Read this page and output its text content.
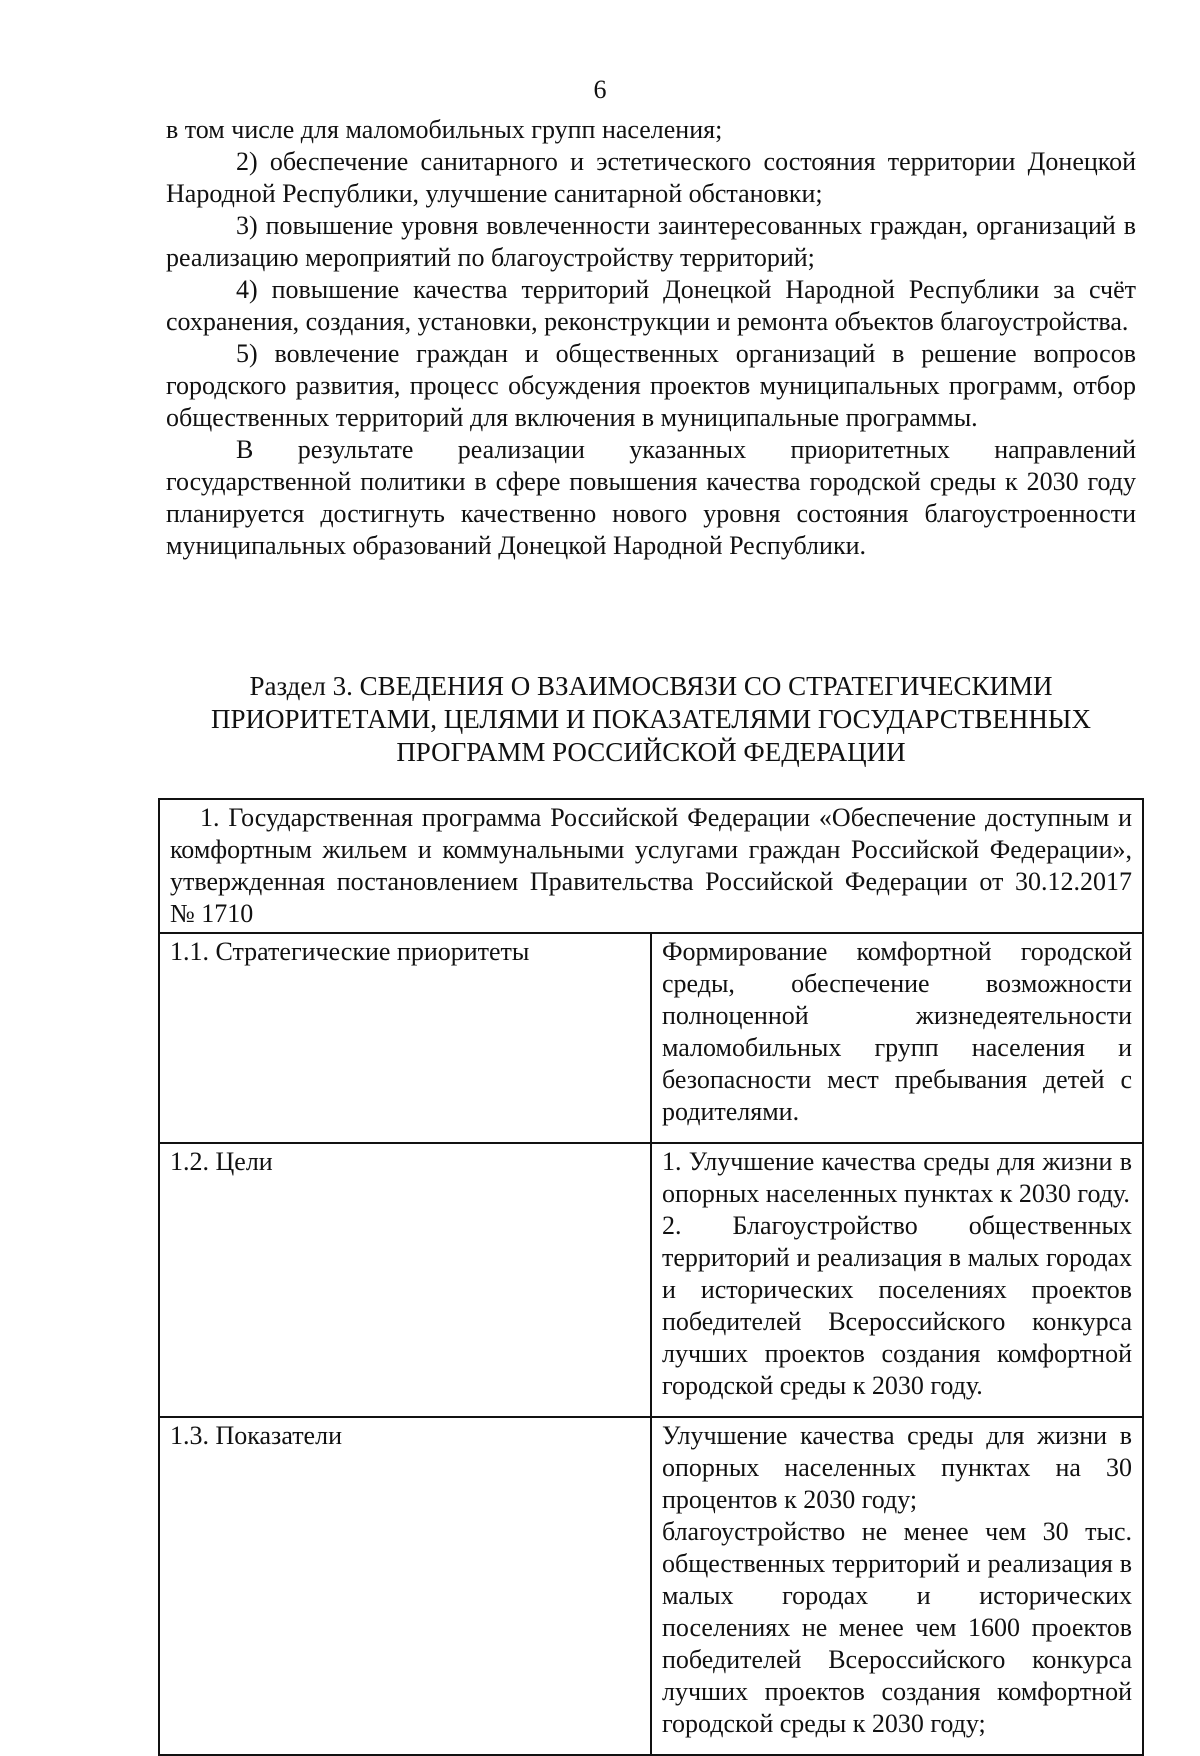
6

в том числе для маломобильных групп населения;

2) обеспечение санитарного и эстетического состояния территории Донецкой Народной Республики, улучшение санитарной обстановки;

3) повышение уровня вовлеченности заинтересованных граждан, организаций в реализацию мероприятий по благоустройству территорий;

4) повышение качества территорий Донецкой Народной Республики за счёт сохранения, создания, установки, реконструкции и ремонта объектов благоустройства.

5) вовлечение граждан и общественных организаций в решение вопросов городского развития, процесс обсуждения проектов муниципальных программ, отбор общественных территорий для включения в муниципальные программы.

В результате реализации указанных приоритетных направлений государственной политики в сфере повышения качества городской среды к 2030 году планируется достигнуть качественно нового уровня состояния благоустроенности муниципальных образований Донецкой Народной Республики.

Раздел 3. СВЕДЕНИЯ О ВЗАИМОСВЯЗИ СО СТРАТЕГИЧЕСКИМИ
ПРИОРИТЕТАМИ, ЦЕЛЯМИ И ПОКАЗАТЕЛЯМИ ГОСУДАРСТВЕННЫХ
ПРОГРАММ РОССИЙСКОЙ ФЕДЕРАЦИИ
1. Государственная программа Российской Федерации «Обеспечение доступным и комфортным жильем и коммунальными услугами граждан Российской Федерации», утвержденная постановлением Правительства Российской Федерации от 30.12.2017 № 1710	
1.1. Стратегические приоритеты	Формирование комфортной городской среды, обеспечение возможности полноценной жизнедеятельности маломобильных групп населения и безопасности мест пребывания детей с родителями.

1.2. Цели	1. Улучшение качества среды для жизни в опорных населенных пунктах к 2030 году.
2. Благоустройство общественных территорий и реализация в малых городах и исторических поселениях проектов победителей Всероссийского конкурса лучших проектов создания комфортной городской среды к 2030 году.

1.3. Показатели	Улучшение качества среды для жизни в опорных населенных пунктах на 30 процентов к 2030 году;
благоустройство не менее чем 30 тыс. общественных территорий и реализация в малых городах и исторических поселениях не менее чем 1600 проектов победителей Всероссийского конкурса лучших проектов создания комфортной городской среды к 2030 году;
